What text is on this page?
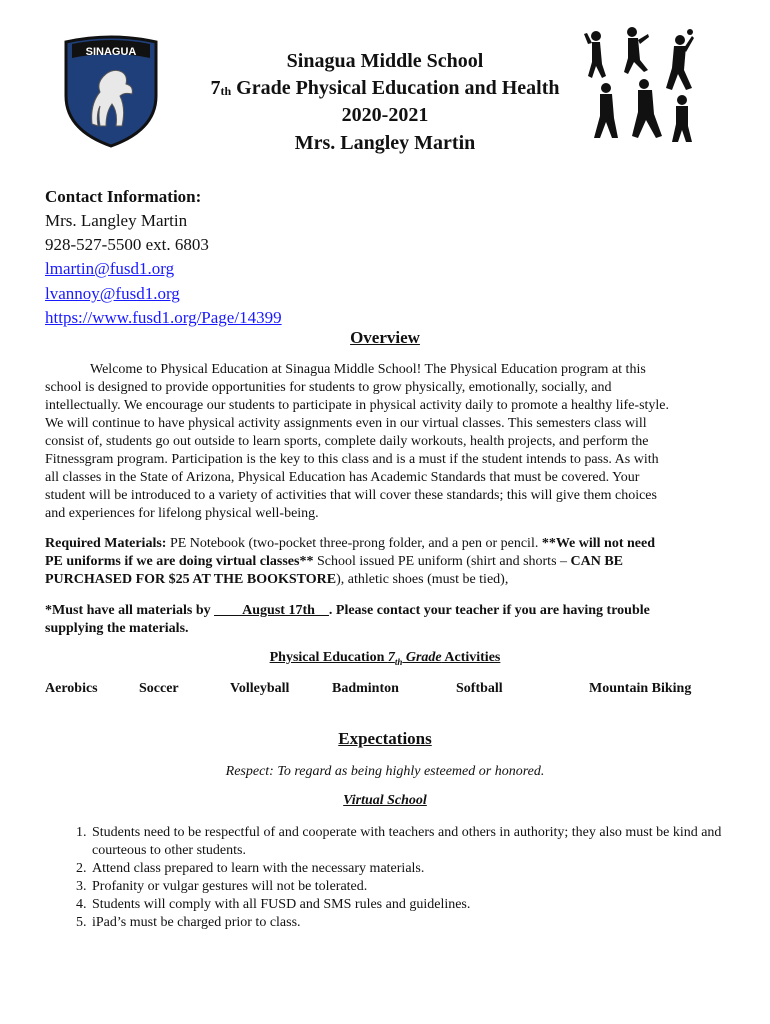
SINAGUA	Sinagua Middle School
$7_{th}$ Grade Physical Education and Health
2020-2021
Mrs. Langley Martin
Contact Information:
Mrs. Langley Martin
928-527-5500 ext. 6803
lmartin@fusd1.org
lvannoy@fusd1.org
https://www.fusd1.org/Page/14399
Overview
Welcome to Physical Education at Sinagua Middle School! The Physical Education program at this
school is designed to provide opportunities for students to grow physically, emotionally, socially, and
intellectually. We encourage our students to participate in physical activity daily to promote a healthy life-style.
We will continue to have physical activity assignments even in our virtual classes. This semesters class will
consist of, students go out outside to learn sports, complete daily workouts, health projects, and perform the
Fitnessgram program. Participation is the key to this class and is a must if the student intends to pass. As with
all classes in the State of Arizona, Physical Education has Academic Standards that must be covered. Your
student will be introduced to a variety of activities that will cover these standards; this will give them choices
and experiences for lifelong physical well-being.
Required Materials: PE Notebook (two-pocket three-prong folder, and a pen or pencil. **We will not need
PE uniforms if we are doing virtual classes** School issued PE uniform (shirt and shorts – CAN BE
PURCHASED FOR $25 AT THE BOOKSTORE), athletic shoes (must be tied),
*Must have all materials by ____August 17th__. Please contact your teacher if you are having trouble
supplying the materials.
Physical Education $7_{th}$ Grade Activities
Aerobics	Soccer	Volleyball	Badminton	Softball	Mountain Biking
Expectations
Respect: To regard as being highly esteemed or honored.
Virtual School
1. Students need to be respectful of and cooperate with teachers and others in authority; they also must be kind and courteous to other students.
2. Attend class prepared to learn with the necessary materials.
3. Profanity or vulgar gestures will not be tolerated.
4. Students will comply with all FUSD and SMS rules and guidelines.
5. iPad’s must be charged prior to class.
